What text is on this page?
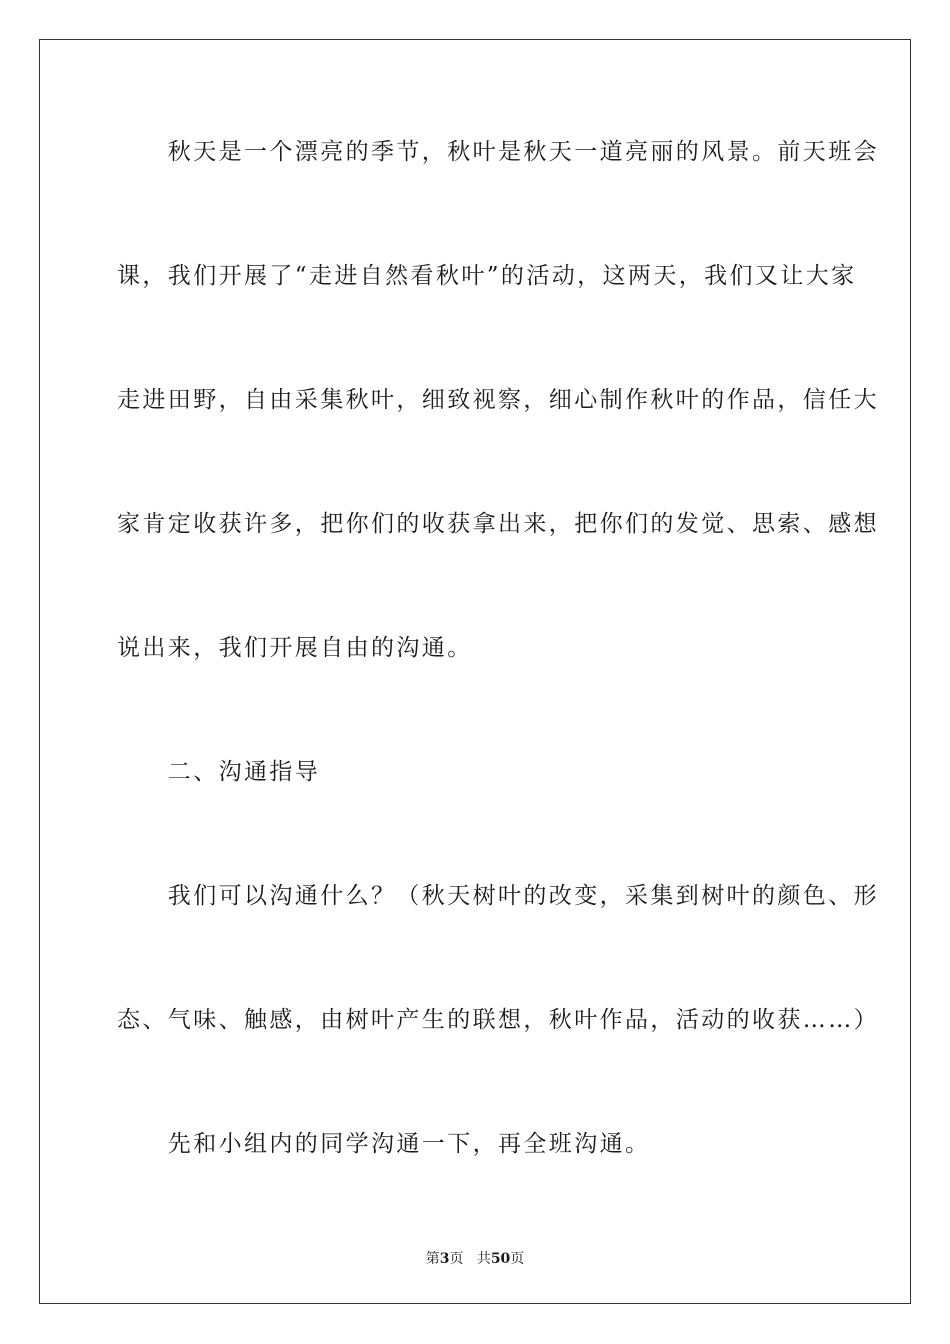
　　秋天是一个漂亮的季节，秋叶是秋天一道亮丽的风景。前天班会

课，我们开展了“走进自然看秋叶”的活动，这两天，我们又让大家

走进田野，自由采集秋叶，细致视察，细心制作秋叶的作品，信任大

家肯定收获许多，把你们的收获拿出来，把你们的发觉、思索、感想

说出来，我们开展自由的沟通。

　　二、沟通指导

　　我们可以沟通什么？（秋天树叶的改变，采集到树叶的颜色、形

态、气味、触感，由树叶产生的联想，秋叶作品，活动的收获……）

　　先和小组内的同学沟通一下，再全班沟通。

第3页 共50页
